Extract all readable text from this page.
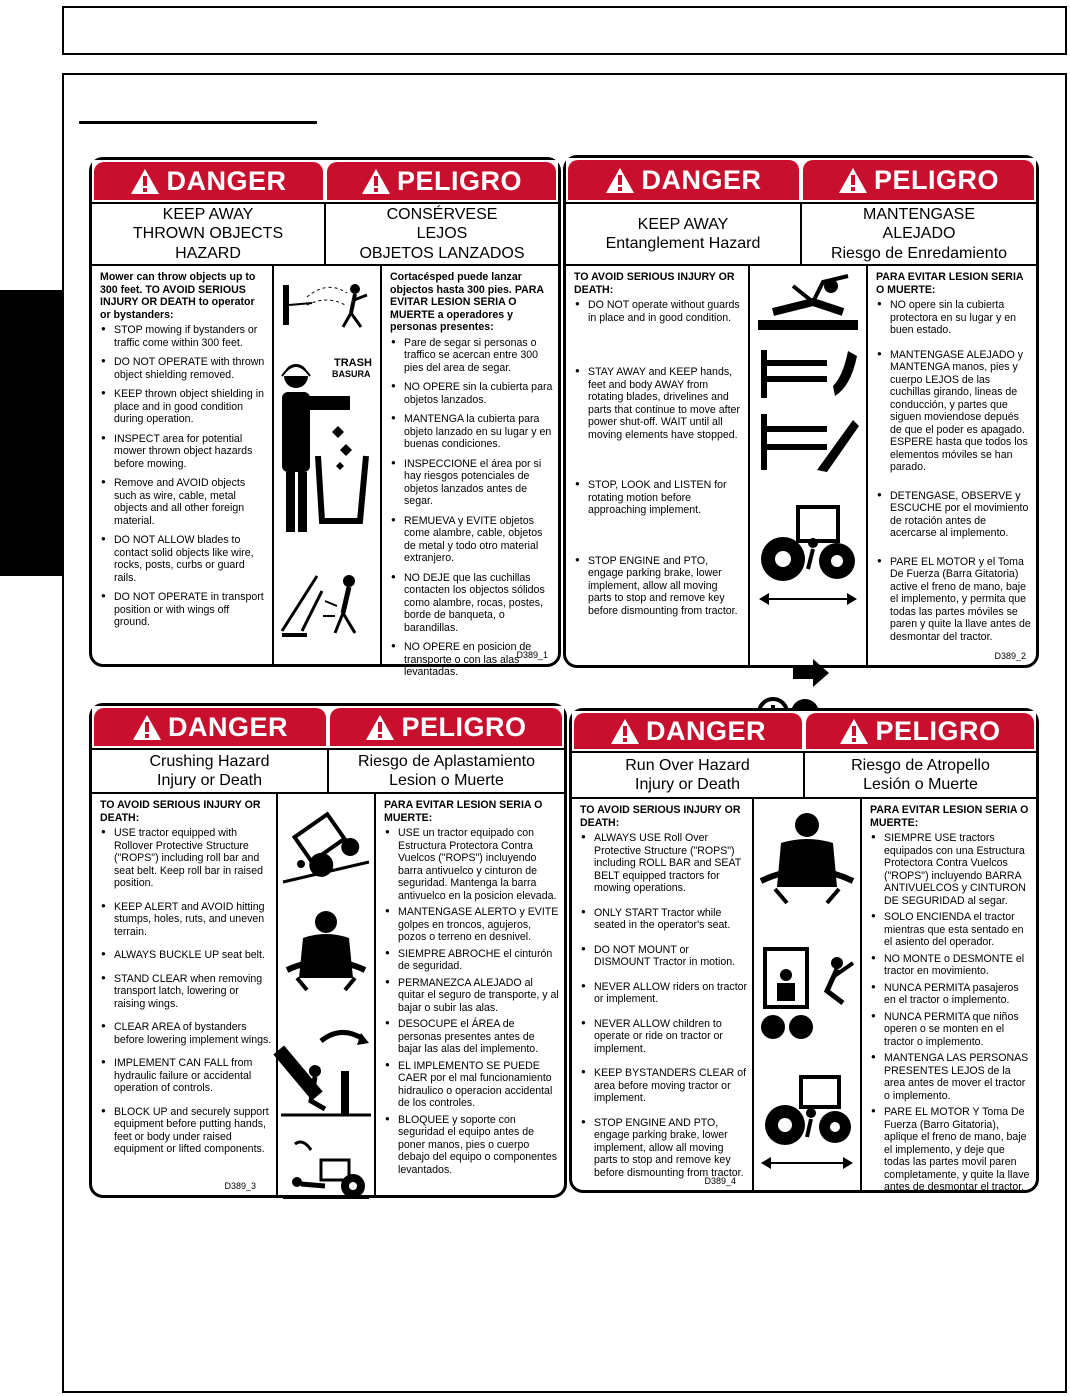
DANGER	PELIGRO
KEEP AWAY
THROWN OBJECTS
HAZARD
CONSÉRVESE
LEJOS
OBJETOS LANZADOS
Mower can throw objects up to 300 feet. TO AVOID SERIOUS INJURY OR DEATH to operator or bystanders:
● STOP mowing if bystanders or traffic come within 300 feet.
● DO NOT OPERATE with thrown object shielding removed.
● KEEP thrown object shielding in place and in good condition during operation.
● INSPECT area for potential mower thrown object hazards before mowing.
● Remove and AVOID objects such as wire, cable, metal objects and all other foreign material.
● DO NOT ALLOW blades to contact solid objects like wire, rocks, posts, curbs or guard rails.
● DO NOT OPERATE in transport position or with wings off ground.
TRASH
BASURA
Cortacésped puede lanzar objectos hasta 300 pies. PARA EVITAR LESION SERIA O MUERTE a operadores y personas presentes:
● Pare de segar si personas o traffico se acercan entre 300 pies del area de segar.
● NO OPERE sin la cubierta para objetos lanzados.
● MANTENGA la cubierta para objeto lanzado en su lugar y en buenas condiciones.
● INSPECCIONE el área por si hay riesgos potenciales de objetos lanzados antes de segar.
● REMUEVA y EVITE objetos come alambre, cable, objetos de metal y todo otro material extranjero.
● NO DEJE que las cuchillas contacten los objectos sólidos como alambre, rocas, postes, borde de banqueta, o barandillas.
● NO OPERE en posicion de transporte o con las alas levantadas.
D389_1
DANGER	PELIGRO
KEEP AWAY
Entanglement Hazard
MANTENGASE
ALEJADO
Riesgo de Enredamiento
TO AVOID SERIOUS INJURY OR DEATH:
● DO NOT operate without guards in place and in good condition.
● STAY AWAY and KEEP hands, feet and body AWAY from rotating blades, drivelines and parts that continue to move after power shut-off. WAIT until all moving elements have stopped.
● STOP, LOOK and LISTEN for rotating motion before approaching implement.
● STOP ENGINE and PTO, engage parking brake, lower implement, allow all moving parts to stop and remove key before dismounting from tractor.
PARA EVITAR LESION SERIA O MUERTE:
● NO opere sin la cubierta protectora en su lugar y en buen estado.
● MANTENGASE ALEJADO y MANTENGA manos, pies y cuerpo LEJOS de las cuchillas girando, lineas de conducción, y partes que siguen moviendose depués de que el poder es apagado. ESPERE hasta que todos los elementos móviles se han parado.
● DETENGASE, OBSERVE y ESCUCHE por el movimiento de rotación antes de acercarse al implemento.
● PARE EL MOTOR y el Toma De Fuerza (Barra Gitatoria) active el freno de mano, baje el implemento, y permita que todas las partes móviles se paren y quite la llave antes de desmontar del tractor.
D389_2
DANGER	PELIGRO
Crushing Hazard
Injury or Death
Riesgo de Aplastamiento
Lesion o Muerte
TO AVOID SERIOUS INJURY OR DEATH:
● USE tractor equipped with Rollover Protective Structure ("ROPS") including roll bar and seat belt. Keep roll bar in raised position.
● KEEP ALERT and AVOID hitting stumps, holes, ruts, and uneven terrain.
● ALWAYS BUCKLE UP seat belt.
● STAND CLEAR when removing transport latch, lowering or raising wings.
● CLEAR AREA of bystanders before lowering implement wings.
● IMPLEMENT CAN FALL from hydraulic failure or accidental operation of controls.
● BLOCK UP and securely support equipment before putting hands, feet or body under raised equipment or lifted components.
PARA EVITAR LESION SERIA O MUERTE:
● USE un tractor equipado con Estructura Protectora Contra Vuelcos ("ROPS") incluyendo barra antivuelco y cinturon de seguridad. Mantenga la barra antivuelco en la posicion elevada.
● MANTENGASE ALERTO y EVITE golpes en troncos, agujeros, pozos o terreno en desnivel.
● SIEMPRE ABROCHE el cinturón de seguridad.
● PERMANEZCA ALEJADO al quitar el seguro de transporte, y al bajar o subir las alas.
● DESOCUPE el ÁREA de personas presentes antes de bajar las alas del implemento.
● EL IMPLEMENTO SE PUEDE CAER por el mal funcionamiento hidraulico o operacion accidental de los controles.
● BLOQUEE y soporte con seguridad el equipo antes de poner manos, pies o cuerpo debajo del equipo o componentes levantados.
D389_3
DANGER	PELIGRO
Run Over Hazard
Injury or Death
Riesgo de Atropello
Lesión o Muerte
TO AVOID SERIOUS INJURY OR DEATH:
● ALWAYS USE Roll Over Protective Structure ("ROPS") including ROLL BAR and SEAT BELT equipped tractors for mowing operations.
● ONLY START Tractor while seated in the operator's seat.
● DO NOT MOUNT or DISMOUNT Tractor in motion.
● NEVER ALLOW riders on tractor or implement.
● NEVER ALLOW children to operate or ride on tractor or implement.
● KEEP BYSTANDERS CLEAR of area before moving tractor or implement.
● STOP ENGINE AND PTO, engage parking brake, lower implement, allow all moving parts to stop and remove key before dismounting from tractor.
PARA EVITAR LESION SERIA O MUERTE:
● SIEMPRE USE tractors equipados con una Estructura Protectora Contra Vuelcos ("ROPS") incluyendo BARRA ANTIVUELCOS y CINTURON DE SEGURIDAD al segar.
● SOLO ENCIENDA el tractor mientras que esta sentado en el asiento del operador.
● NO MONTE o DESMONTE el tractor en movimiento.
● NUNCA PERMITA pasajeros en el tractor o implemento.
● NUNCA PERMITA que niños operen o se monten en el tractor o implemento.
● MANTENGA LAS PERSONAS PRESENTES LEJOS de la area antes de mover el tractor o implemento.
● PARE EL MOTOR Y Toma De Fuerza (Barro Gitatoria), aplique el freno de mano, baje el implemento, y deje que todas las partes movil paren completamente, y quite la llave antes de desmontar el tractor.
D389_4
